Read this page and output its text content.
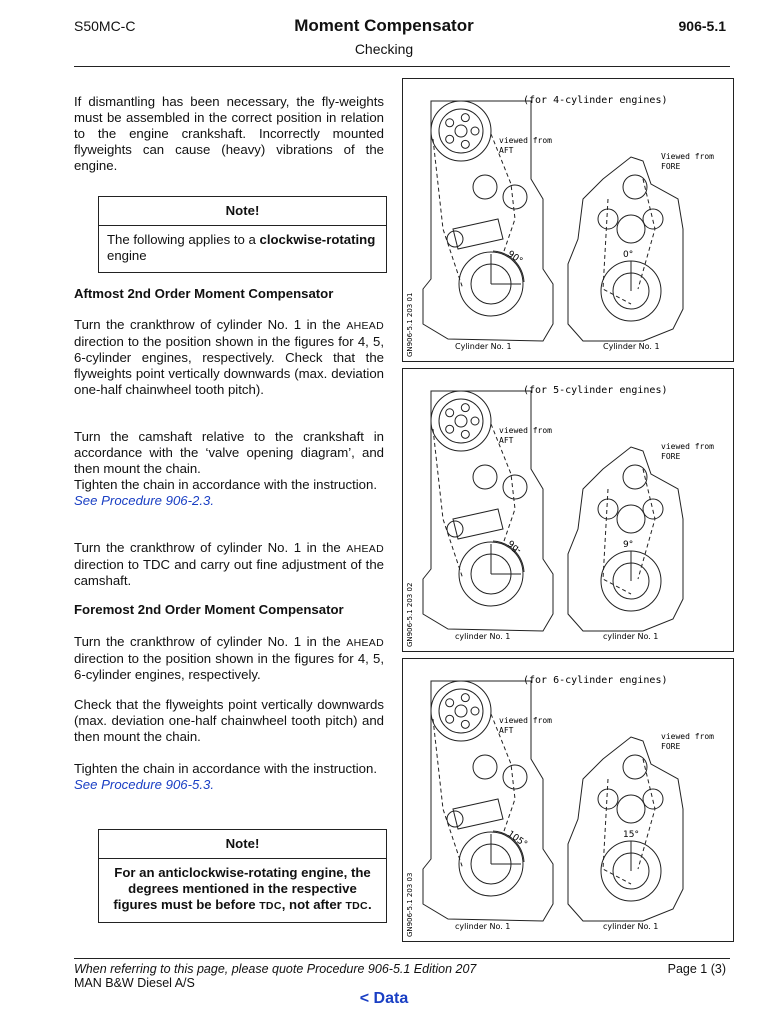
S50MC-C	Moment Compensator	906-5.1
Checking

If dismantling has been necessary, the fly-weights must be assembled in the correct position in relation to the engine crankshaft. Incorrectly mounted flyweights can cause (heavy) vibrations of the engine.

Note!
The following applies to a clockwise-rotating engine
Aftmost 2nd Order Moment Compensator

Turn the crankthrow of cylinder No. 1 in the AHEAD direction to the position shown in the figures for 4, 5, 6-cylinder engines, respectively. Check that the flyweights point vertically downwards (max. deviation one-half chainwheel tooth pitch).

Turn the camshaft relative to the crankshaft in accordance with the ‘valve opening diagram’, and then mount the chain.

Tighten the chain in accordance with the instruction.

See Procedure 906-2.3.

Turn the crankthrow of cylinder No. 1 in the AHEAD direction to TDC and carry out fine adjustment of the camshaft.

Foremost 2nd Order Moment Compensator

Turn the crankthrow of cylinder No. 1 in the AHEAD direction to the position shown in the figures for 4, 5, 6-cylinder engines, respectively.

Check that the flyweights point vertically downwards (max. deviation one-half chainwheel tooth pitch) and then mount the chain.

Tighten the chain in accordance with the instruction.

See Procedure 906-5.3.

Note!
For an anticlockwise-rotating engine, the degrees mentioned in the respective figures must be before TDC, not after TDC.
(for 4-cylinder engines)
90°
viewed from
AFT
Cylinder No. 1
0°
Viewed from
FORE
Cylinder No. 1
GN906-5.1 203 01
(for 5-cylinder engines)
9g-
viewed from
AFT
cylinder No. 1
9°
viewed from
FORE
cylinder No. 1
GN906-5.1 203 02
(for 6-cylinder engines)
105°
viewed from
AFT
cylinder No. 1
15°
viewed from
FORE
cylinder No. 1
GN906-5.1 203 03
When referring to this page, please quote Procedure 906-5.1 Edition 207
MAN B&W Diesel A/S
Page 1 (3)
< Data
